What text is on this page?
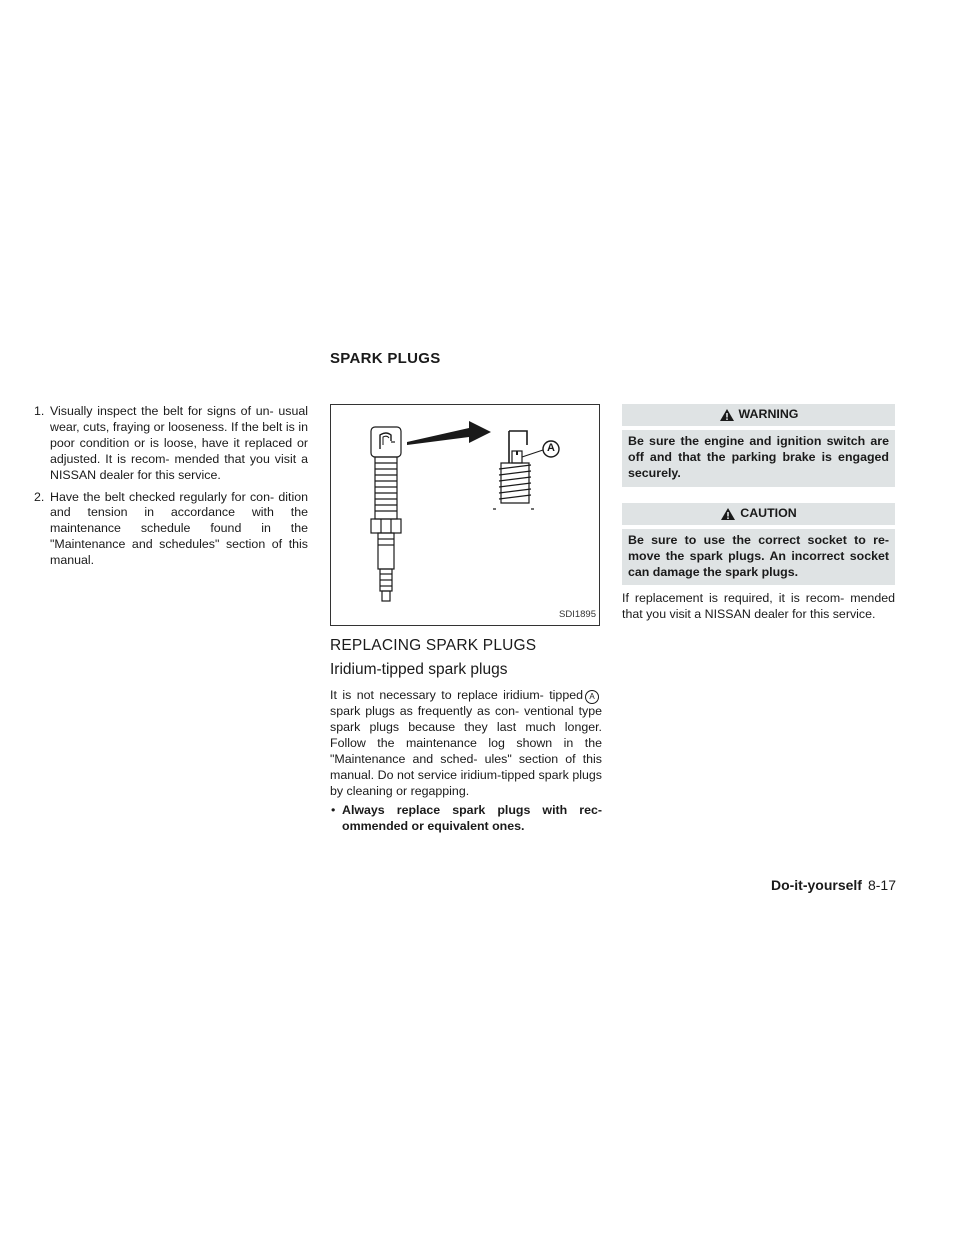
SPARK PLUGS
1. Visually inspect the belt for signs of un- usual wear, cuts, fraying or looseness. If the belt is in poor condition or is loose, have it replaced or adjusted. It is recom- mended that you visit a NISSAN dealer for this service.
2. Have the belt checked regularly for con- dition and tension in accordance with the maintenance schedule found in the "Maintenance and schedules" section of this manual.
A
SDI1895
REPLACING SPARK PLUGS
Iridium-tipped spark plugs

It is not necessary to replace iridium- tipped Aspark plugs as frequently as con- ventional type spark plugs because they last much longer. Follow the maintenance log shown in the "Maintenance and sched- ules" section of this manual. Do not service iridium-tipped spark plugs by cleaning or regapping.

• Always replace spark plugs with rec- ommended or equivalent ones.
WARNING
Be sure the engine and ignition switch are off and that the parking brake is engaged securely.
CAUTION
Be sure to use the correct socket to re- move the spark plugs. An incorrect socket can damage the spark plugs.

If replacement is required, it is recom- mended that you visit a NISSAN dealer for this service.

Do-it-yourself 8-17
